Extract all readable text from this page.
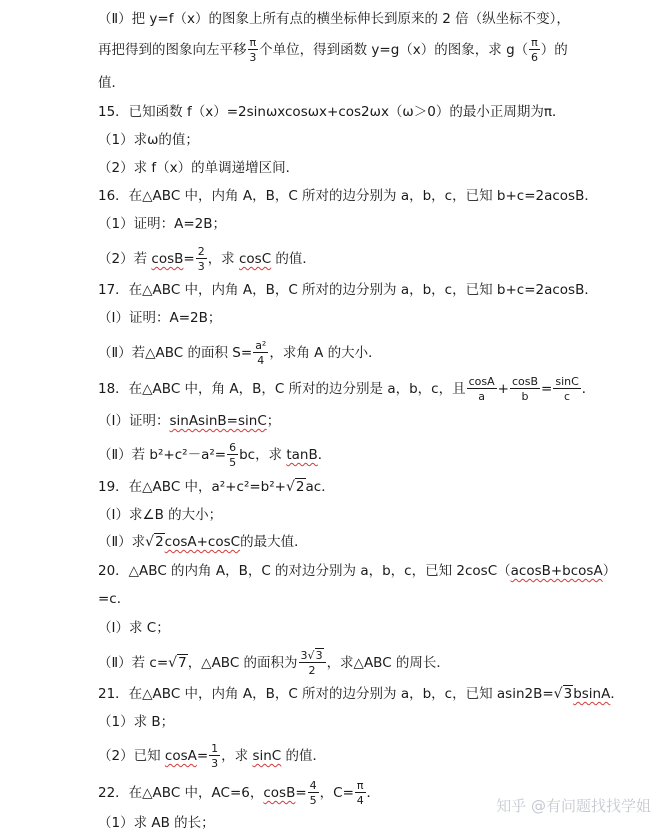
（Ⅱ）把 y=f（x）的图象上所有点的横坐标伸长到原来的 2 倍（纵坐标不变），
再把得到的图象向左平移 $\frac{\pi}{3}$ 个单位，得到函数 y=g（x）的图象，求 $g( \frac{\pi}{6}$ ）的
值．
15．已知函数 f（x）=2sinωxcosωx+cos2ωx（ω＞0）的最小正周期为π．
（1）求ω的值；
（2）求 f（x）的单调递增区间．
16．在△ABC 中，内角 A，B，C 所对的边分别为 a，b，c，已知 b+c=2acosB．
（1）证明：A=2B；
（2）若 $\cos B= \frac{2}{3}$ ，求 cosC 的值．
17．在△ABC 中，内角 A，B，C 所对的边分别为 a，b，c，已知 b+c=2acosB．
（Ⅰ）证明：A=2B；
（Ⅱ）若△ABC 的面积 $S= \frac{\text{a²}}{4}$ ，求角 A 的大小．
18．在△ABC 中，角 A，B，C 所对的边分别是 a，b，c，且 $\frac{\cos A}{a} + \frac{\cos B}{b} = \frac{\sin C}{c}$ ．
（Ⅰ）证明：sinAsinB=sinC；
（Ⅱ）若 $b^2+c^2-a^2= \frac{6}{5}$ bc，求 tanB．
19．在△ABC 中，a²+c²=b²+√2ac．
（Ⅰ）求∠B 的大小；
（Ⅱ）求√2cosA+cosC的最大值．
20．△ABC 的内角 A，B，C 的对边分别为 a，b，c，已知 2cosC（acosB+bcosA）
=c．
（Ⅰ）求 C；
（Ⅱ）若 c=√7，△ABC 的面积为 $\frac{3√3}{2}$ ，求△ABC 的周长．
21．在△ABC 中，内角 A，B，C 所对的边分别为 a，b，c，已知 asin2B=√3bsinA．
（1）求 B；
（2）已知 $\cos A= \frac{1}{3}$ ，求 sinC 的值．
22．在△ABC 中，AC=6，$\cos B= \frac{4}{5}$ ，$C= \frac{\pi}{4}$ ．
（1）求 AB 的长；
知乎 @有问题找找学姐
